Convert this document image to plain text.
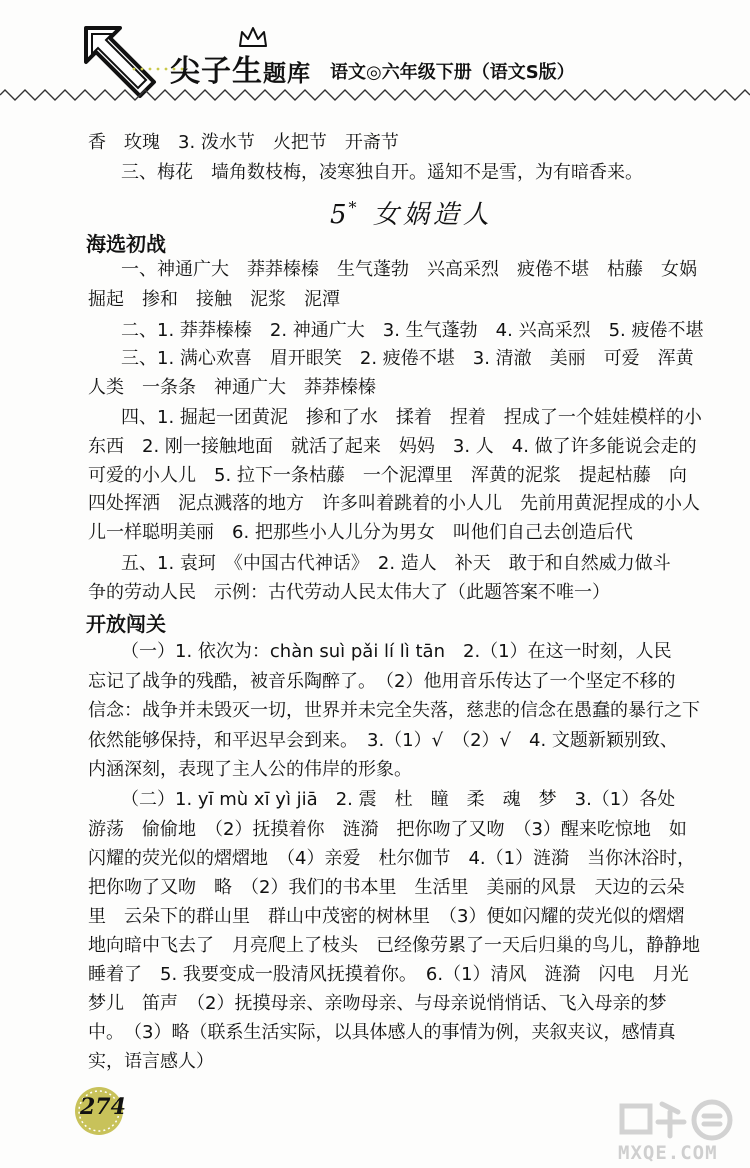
尖子生题库 语文◎六年级下册（语文S版）
香　玫瑰　3. 泼水节　火把节　开斋节
三、梅花　墙角数枝梅，凌寒独自开。遥知不是雪，为有暗香来。
5* 女娲造人
海选初战
一、神通广大　莽莽榛榛　生气蓬勃　兴高采烈　疲倦不堪　枯藤　女娲
掘起　掺和　接触　泥浆　泥潭
二、1. 莽莽榛榛　2. 神通广大　3. 生气蓬勃　4. 兴高采烈　5. 疲倦不堪
三、1. 满心欢喜　眉开眼笑　2. 疲倦不堪　3. 清澈　美丽　可爱　浑黄
人类　一条条　神通广大　莽莽榛榛
四、1. 掘起一团黄泥　掺和了水　揉着　捏着　捏成了一个娃娃模样的小
东西　2. 刚一接触地面　就活了起来　妈妈　3. 人　4. 做了许多能说会走的
可爱的小人儿　5. 拉下一条枯藤　一个泥潭里　浑黄的泥浆　提起枯藤　向
四处挥洒　泥点溅落的地方　许多叫着跳着的小人儿　先前用黄泥捏成的小人
儿一样聪明美丽　6. 把那些小人儿分为男女　叫他们自己去创造后代
五、1. 袁珂　《中国古代神话》　2. 造人　补天　敢于和自然威力做斗
争的劳动人民　示例：古代劳动人民太伟大了（此题答案不唯一）
开放闯关
（一）1. 依次为：chàn suì pǎi lí lì tān　2.（1）在这一时刻，人民
忘记了战争的残酷，被音乐陶醉了。　（2）他用音乐传达了一个坚定不移的
信念：战争并未毁灭一切，世界并未完全失落，慈悲的信念在愚蠢的暴行之下
依然能够保持，和平迟早会到来。　3.（1）√　（2）√　4. 文题新颖别致、
内涵深刻，表现了主人公的伟岸的形象。
（二）1. yī mù xī yì jiā　2. 震　杜　瞳　柔　魂　梦　3.（1）各处
游荡　偷偷地　（2）抚摸着你　涟漪　把你吻了又吻　（3）醒来吃惊地　如
闪耀的荧光似的熠熠地　（4）亲爱　杜尔伽节　4.（1）涟漪　当你沐浴时，
把你吻了又吻　略　（2）我们的书本里　生活里　美丽的风景　天边的云朵
里　云朵下的群山里　群山中茂密的树林里　（3）便如闪耀的荧光似的熠熠
地向暗中飞去了　月亮爬上了枝头　已经像劳累了一天后归巢的鸟儿，静静地
睡着了　5. 我要变成一股清风抚摸着你。　6.（1）清风　涟漪　闪电　月光
梦儿　笛声　（2）抚摸母亲、亲吻母亲、与母亲说悄悄话、飞入母亲的梦
中。　（3）略（联系生活实际，以具体感人的事情为例，夹叙夹议，感情真
实，语言感人）
274
MXQE.COM
